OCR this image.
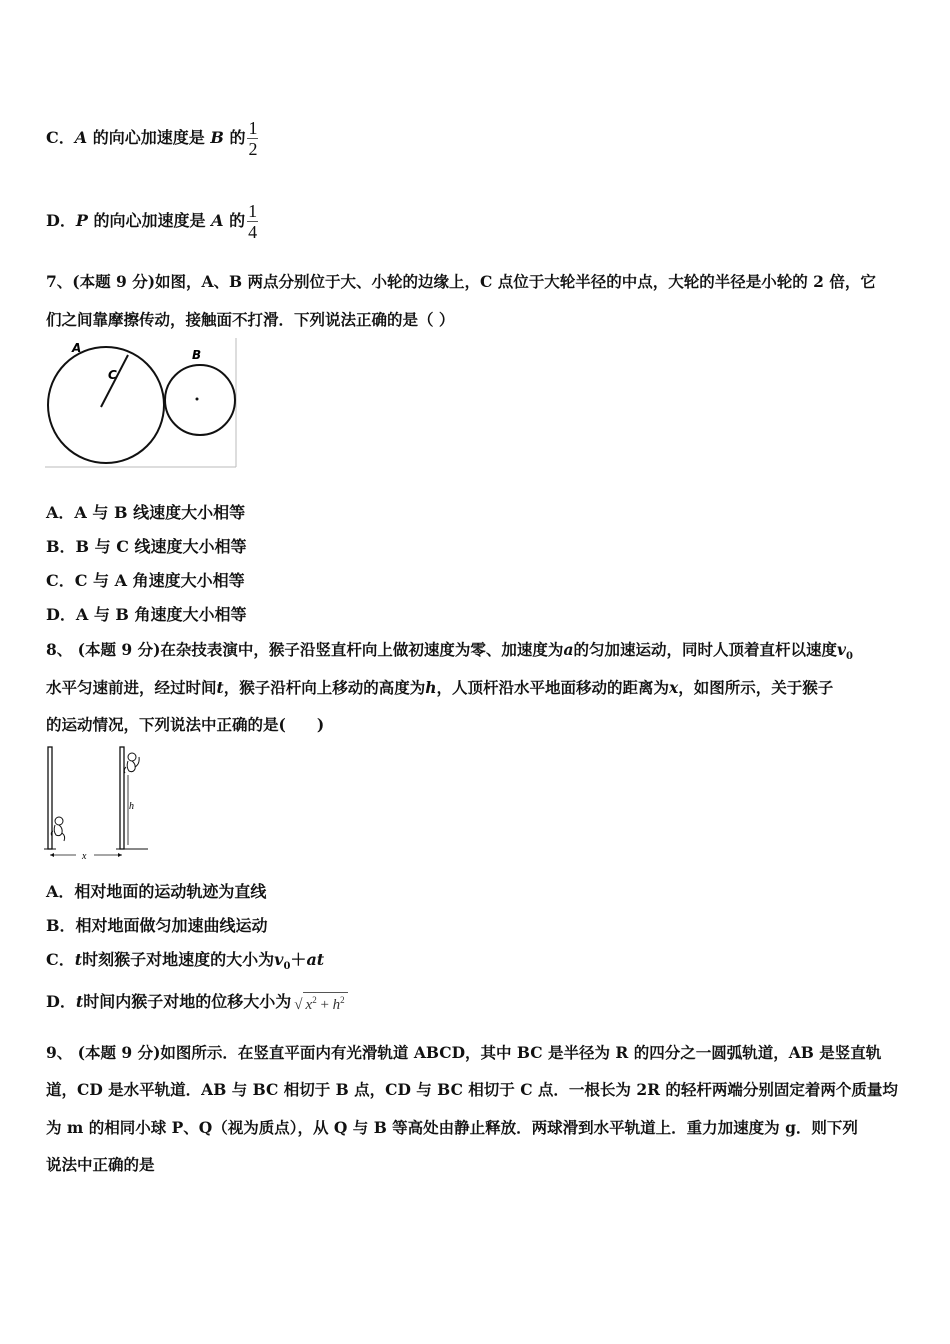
C．A 的向心加速度是 B 的 $\frac{1}{2}$
D．P 的向心加速度是 A 的 $\frac{1}{4}$
7、(本题 9 分)如图，A、B 两点分别位于大、小轮的边缘上，C 点位于大轮半径的中点，大轮的半径是小轮的 2 倍，它
们之间靠摩擦传动，接触面不打滑．下列说法正确的是（ ）
A
C
B
A．A 与 B 线速度大小相等
B．B 与 C 线速度大小相等
C．C 与 A 角速度大小相等
D．A 与 B 角速度大小相等
8、 (本题 9 分)在杂技表演中，猴子沿竖直杆向上做初速度为零、加速度为a的匀加速运动，同时人顶着直杆以速度$v_0$
水平匀速前进，经过时间t，猴子沿杆向上移动的高度为h，人顶杆沿水平地面移动的距离为x，如图所示，关于猴子
的运动情况，下列说法中正确的是(　　)
h
x
A．相对地面的运动轨迹为直线
B．相对地面做匀加速曲线运动
C．t时刻猴子对地速度的大小为$v_0+at$
D．t时间内猴子对地的位移大小为 √ $x^2 + h^2$
9、 (本题 9 分)如图所示．在竖直平面内有光滑轨道 ABCD，其中 BC 是半径为 R 的四分之一圆弧轨道，AB 是竖直轨
道，CD 是水平轨道．AB 与 BC 相切于 B 点，CD 与 BC 相切于 C 点．一根长为 2R 的轻杆两端分别固定着两个质量均
为 m 的相同小球 P、Q（视为质点），从 Q 与 B 等高处由静止释放．两球滑到水平轨道上．重力加速度为 g．则下列
说法中正确的是
